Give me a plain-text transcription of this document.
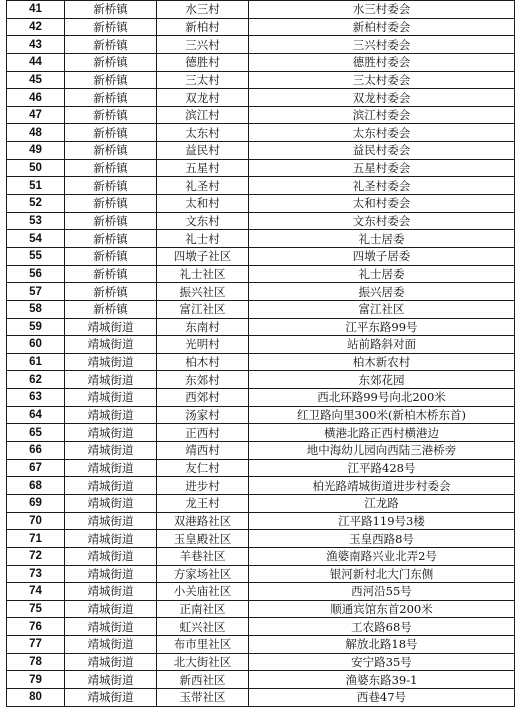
41	新桥镇	水三村	水三村委会
42	新桥镇	新柏村	新柏村委会
43	新桥镇	三兴村	三兴村委会
44	新桥镇	德胜村	德胜村委会
45	新桥镇	三太村	三太村委会
46	新桥镇	双龙村	双龙村委会
47	新桥镇	滨江村	滨江村委会
48	新桥镇	太东村	太东村委会
49	新桥镇	益民村	益民村委会
50	新桥镇	五星村	五星村委会
51	新桥镇	礼圣村	礼圣村委会
52	新桥镇	太和村	太和村委会
53	新桥镇	文东村	文东村委会
54	新桥镇	礼士村	礼士居委
55	新桥镇	四墩子社区	四墩子居委
56	新桥镇	礼士社区	礼士居委
57	新桥镇	振兴社区	振兴居委
58	新桥镇	富江社区	富江社区
59	靖城街道	东南村	江平东路99号
60	靖城街道	光明村	站前路斜对面
61	靖城街道	柏木村	柏木新农村
62	靖城街道	东郊村	东郊花园
63	靖城街道	西郊村	西北环路99号向北200米
64	靖城街道	汤家村	红卫路向里300米(新柏木桥东首)
65	靖城街道	正西村	横港北路正西村横港边
66	靖城街道	靖西村	地中海幼儿园向西陆三港桥旁
67	靖城街道	友仁村	江平路428号
68	靖城街道	进步村	柏光路靖城街道进步村委会
69	靖城街道	龙王村	江龙路
70	靖城街道	双港路社区	江平路119号3楼
71	靖城街道	玉皇殿社区	玉皇西路8号
72	靖城街道	羊巷社区	渔婆南路兴业北弄2号
73	靖城街道	方家场社区	银河新村北大门东侧
74	靖城街道	小关庙社区	西河沿55号
75	靖城街道	正南社区	顺通宾馆东首200米
76	靖城街道	虹兴社区	工农路68号
77	靖城街道	布市里社区	解放北路18号
78	靖城街道	北大街社区	安宁路35号
79	靖城街道	新西社区	渔婆东路39-1
80	靖城街道	玉带社区	西巷47号
